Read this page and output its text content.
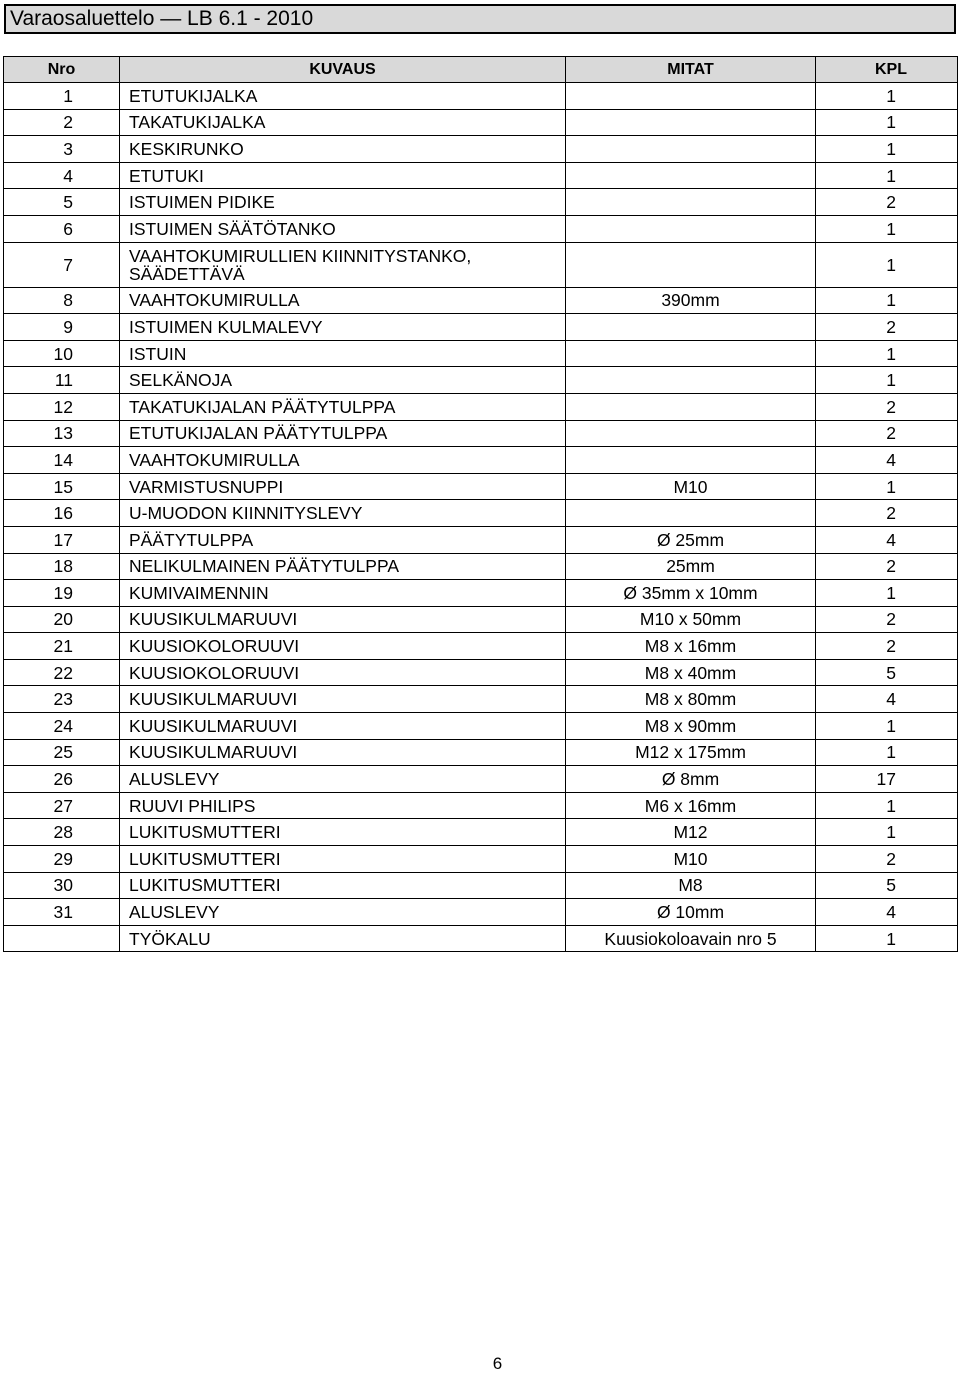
Varaosaluettelo — LB 6.1 - 2010
Nro	KUVAUS	MITAT	KPL
1	ETUTUKIJALKA		1
2	TAKATUKIJALKA		1
3	KESKIRUNKO		1
4	ETUTUKI		1
5	ISTUIMEN PIDIKE		2
6	ISTUIMEN SÄÄTÖTANKO		1
7	VAAHTOKUMIRULLIEN KIINNITYSTANKO, SÄÄDETTÄVÄ		1
8	VAAHTOKUMIRULLA	390mm	1
9	ISTUIMEN KULMALEVY		2
10	ISTUIN		1
11	SELKÄNOJA		1
12	TAKATUKIJALAN PÄÄTYTULPPA		2
13	ETUTUKIJALAN PÄÄTYTULPPA		2
14	VAAHTOKUMIRULLA		4
15	VARMISTUSNUPPI	M10	1
16	U-MUODON KIINNITYSLEVY		2
17	PÄÄTYTULPPA	Ø 25mm	4
18	NELIKULMAINEN PÄÄTYTULPPA	25mm	2
19	KUMIVAIMENNIN	Ø 35mm x 10mm	1
20	KUUSIKULMARUUVI	M10 x 50mm	2
21	KUUSIOKOLORUUVI	M8 x 16mm	2
22	KUUSIOKOLORUUVI	M8 x 40mm	5
23	KUUSIKULMARUUVI	M8 x 80mm	4
24	KUUSIKULMARUUVI	M8 x 90mm	1
25	KUUSIKULMARUUVI	M12 x 175mm	1
26	ALUSLEVY	Ø 8mm	17
27	RUUVI PHILIPS	M6 x 16mm	1
28	LUKITUSMUTTERI	M12	1
29	LUKITUSMUTTERI	M10	2
30	LUKITUSMUTTERI	M8	5
31	ALUSLEVY	Ø 10mm	4
	TYÖKALU	Kuusiokoloavain nro 5	1
6
